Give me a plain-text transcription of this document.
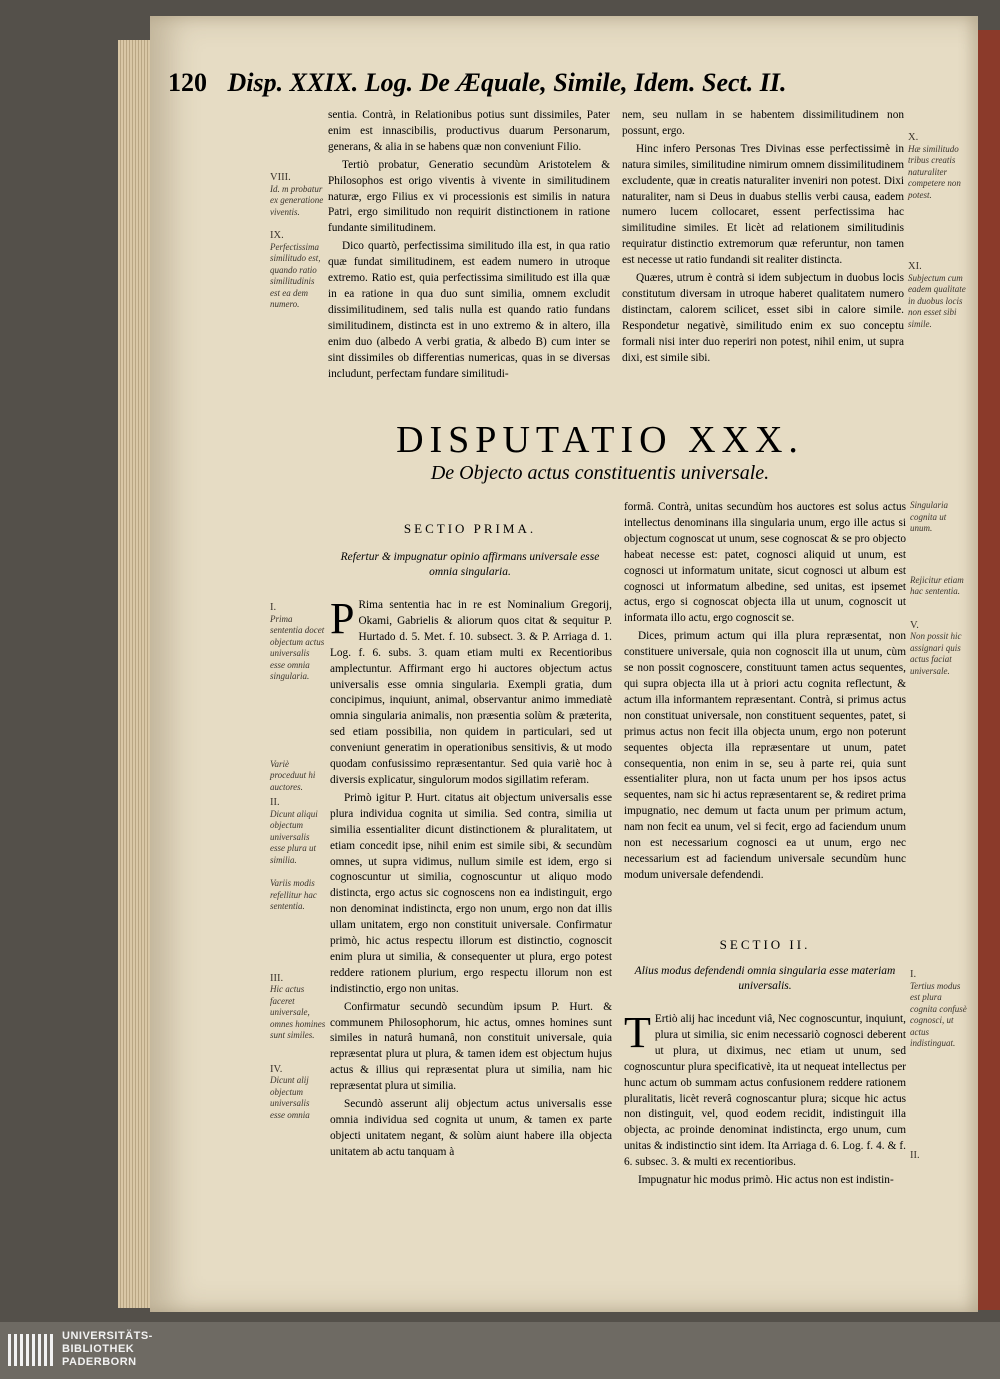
120 Disp. XXIX. Log. De Æquale, Simile, Idem. Sect. II.
VIII.
Id. m probatur ex generatione viventis.
IX.
Perfectissima similitudo est, quando ratio similitudinis est ea dem numero.

sentia. Contrà, in Relationibus potius sunt dissimiles, Pater enim est innascibilis, productivus duarum Personarum, generans, & alia in se habens quæ non conveniunt Filio.

Tertiò probatur, Generatio secundùm Aristotelem & Philosophos est origo viventis à vivente in similitudinem naturæ, ergo Filius ex vi processionis est similis in natura Patri, ergo similitudo non requirit distinctionem in ratione fundante similitudinem.

Dico quartò, perfectissima similitudo illa est, in qua ratio quæ fundat similitudinem, est eadem numero in utroque extremo. Ratio est, quia perfectissima similitudo est illa quæ in ea ratione in qua duo sunt similia, omnem excludit dissimilitudinem, sed talis nulla est quando ratio fundans similitudinem, distincta est in uno extremo & in altero, illa enim duo (albedo A verbi gratia, & albedo B) cum inter se sint dissimiles ob differentias numericas, quas in se diversas includunt, perfectam fundare similitudi-

nem, seu nullam in se habentem dissimilitudinem non possunt, ergo.

Hinc infero Personas Tres Divinas esse perfectissimè in natura similes, similitudine nimirum omnem dissimilitudinem excludente, quæ in creatis naturaliter inveniri non potest. Dixi naturaliter, nam si Deus in duabus stellis verbi causa, eadem numero lucem collocaret, essent perfectissima hac similitudine similes. Et licèt ad relationem similitudinis requiratur distinctio extremorum quæ referuntur, non tamen est necesse ut ratio fundandi sit realiter distincta.

Quæres, utrum è contrà si idem subjectum in duobus locis constitutum diversam in utroque haberet qualitatem numero distinctam, calorem scilicet, esset sibi in calore simile. Respondetur negativè, similitudo enim ex suo conceptu formali nisi inter duo reperiri non potest, nihil enim, ut supra dixi, est simile sibi.

X.
Hæ similitudo tribus creatis naturaliter competere non potest.
XI.
Subjectum cum eadem qualitate in duobus locis non esset sibi simile.
DISPUTATIO XXX.
De Objecto actus constituentis universale.
SECTIO PRIMA.
Refertur & impugnatur opinio affirmans universale esse omnia singularia.
I.
Prima sententia docet objectum actus universalis esse omnia singularia.
Variè proceduut hi auctores.
II.
Dicunt aliqui objectum universalis esse plura ut similia.
Variis modis refellitur hac sententia.
III.
Hic actus faceret universale, omnes homines sunt similes.
IV.
Dicunt alij objectum universalis esse omnia

P Rima sententia hac in re est Nominalium Gregorij, Okami, Gabrielis & aliorum quos citat & sequitur P. Hurtado d. 5. Met. f. 10. subsect. 3. & P. Arriaga d. 1. Log. f. 6. subs. 3. quam etiam multi ex Recentioribus amplectuntur. Affirmant ergo hi auctores objectum actus universalis esse omnia singularia. Exempli gratia, dum concipimus, inquiunt, animal, observantur animo immediatè omnia singularia animalis, non præsentia solùm & præterita, sed etiam possibilia, non quidem in particulari, sed ut conveniunt generatim in operationibus sensitivis, & ut modo quodam confusissimo repræsentantur. Sed quia variè hoc à diversis explicatur, singulorum modos sigillatim referam.

Primò igitur P. Hurt. citatus ait objectum universalis esse plura individua cognita ut similia. Sed contra, similia ut similia essentialiter dicunt distinctionem & pluralitatem, ut etiam concedit ipse, nihil enim est simile sibi, & secundùm omnes, ut supra vidimus, nullum simile est idem, ergo si cognoscuntur ut similia, cognoscuntur ut aliquo modo distincta, ergo actus sic cognoscens non ea indistinguit, ergo non denominat indistincta, ergo non unum, ergo non dat illis ullam unitatem, ergo non constituit universale. Confirmatur primò, hic actus respectu illorum est distinctio, cognoscit enim plura ut similia, & consequenter ut plura, ergo potest reddere rationem plurium, ergo respectu illorum non est indistinctio, ergo non unitas.

Confirmatur secundò secundùm ipsum P. Hurt. & communem Philosophorum, hic actus, omnes homines sunt similes in naturâ humanâ, non constituit universale, quia repræsentat plura ut plura, & tamen idem est objectum hujus actus & illius qui repræsentat plura ut similia, nam hic repræsentat plura ut similia.

Secundò asserunt alij objectum actus universalis esse omnia individua sed cognita ut unum, & tamen ex parte objecti unitatem negant, & solùm aiunt habere illa objecta unitatem ab actu tanquam à

formâ. Contrà, unitas secundùm hos auctores est solus actus intellectus denominans illa singularia unum, ergo ille actus si objectum cognoscat ut unum, sese cognoscat & se pro objecto habeat necesse est: patet, cognosci aliquid ut unum, est cognosci ut informatum unitate, sicut cognosci ut album est cognosci ut informatum albedine, sed unitas, est ipsemet actus, ergo si cognoscat objecta illa ut unum, cognoscit ut informata illo actu, ergo cognoscit se.

Dices, primum actum qui illa plura repræsentat, non constituere universale, quia non cognoscit illa ut unum, cùm se non possit cognoscere, constituunt tamen actus sequentes, qui supra objecta illa ut à priori actu cognita reflectunt, & actum illa informantem repræsentant. Contrà, si primus actus non constituat universale, non constituent sequentes, patet, si primus actus non fecit illa objecta unum, ergo non poterunt sequentes objecta illa repræsentare ut unum, patet consequentia, non enim in se, seu à parte rei, quia sunt essentialiter plura, non ut facta unum per hos ipsos actus sequentes, nam sic hi actus repræsentarent se, & rediret prima impugnatio, nec demum ut facta unum per primum actum, nam non fecit ea unum, vel si fecit, ergo ad faciendum unum non est necessarium cognosci ea ut unum, ergo nec necessarium est ad faciendum universale secundùm hunc modum universale defendendi.

SECTIO II.
Alius modus defendendi omnia singularia esse materiam universalis.

T Ertiò alij hac incedunt viâ, Nec cognoscuntur, inquiunt, plura ut similia, sic enim necessariò cognosci deberent ut plura, ut diximus, nec etiam ut unum, sed cognoscuntur plura specificativè, ita ut nequeat intellectus per hunc actum ob summam actus confusionem reddere rationem pluralitatis, licèt reverâ cognoscantur plura; sicque hic actus non distinguit, vel, quod eodem recidit, indistinguit illa objecta, ac proinde denominat indistincta, ergo unum, cum unitas & indistinctio sint idem. Ita Arriaga d. 6. Log. f. 4. & f. 6. subsec. 3. & multi ex recentioribus.

Impugnatur hic modus primò. Hic actus non est indistin-

Singularia cognita ut unum.
Rejicitur etiam hac sententia.
V.
Non possit hic assignari quis actus faciat universale.
I.
Tertius modus est plura cognita confusè cognosci, ut actus indistinguat.
II.
UNIVERSITÄTS-
BIBLIOTHEK
PADERBORN
